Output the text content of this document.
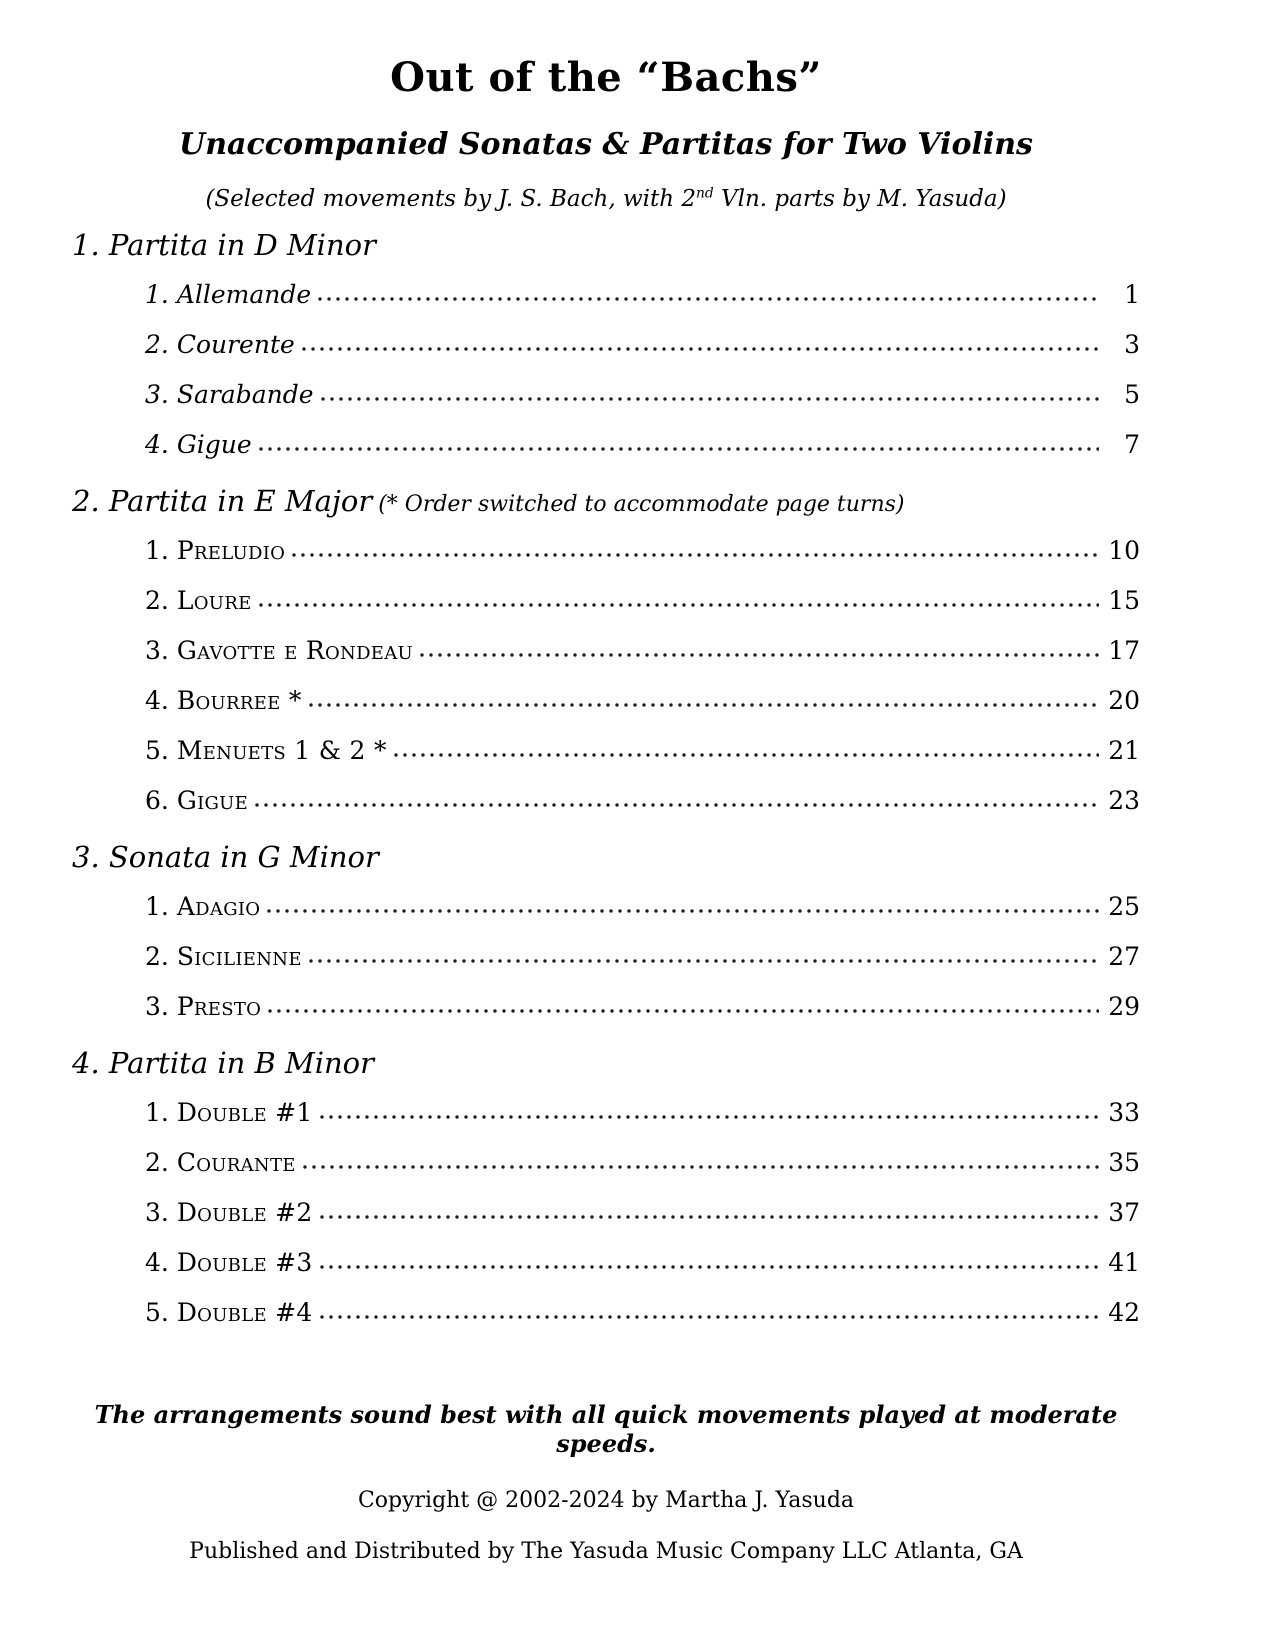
Out of the “Bachs”
Unaccompanied Sonatas & Partitas for Two Violins

(Selected movements by J. S. Bach, with 2nd Vln. parts by M. Yasuda)

1. Partita in D Minor
1. Allemande	1
2. Courente	3
3. Sarabande	5
4. Gigue	7
2. Partita in E Major (* Order switched to accommodate page turns)
1. Preludio	10
2. Loure	15
3. Gavotte e Rondeau	17
4. Bourree *	20
5. Menuets 1 & 2 *	21
6. Gigue	23
3. Sonata in G Minor
1. Adagio	25
2. Sicilienne	27
3. Presto	29
4. Partita in B Minor
1. Double #1	33
2. Courante	35
3. Double #2	37
4. Double #3	41
5. Double #4	42

The arrangements sound best with all quick movements played at moderate speeds.

Copyright @ 2002-2024 by Martha J. Yasuda

Published and Distributed by The Yasuda Music Company LLC Atlanta, GA
